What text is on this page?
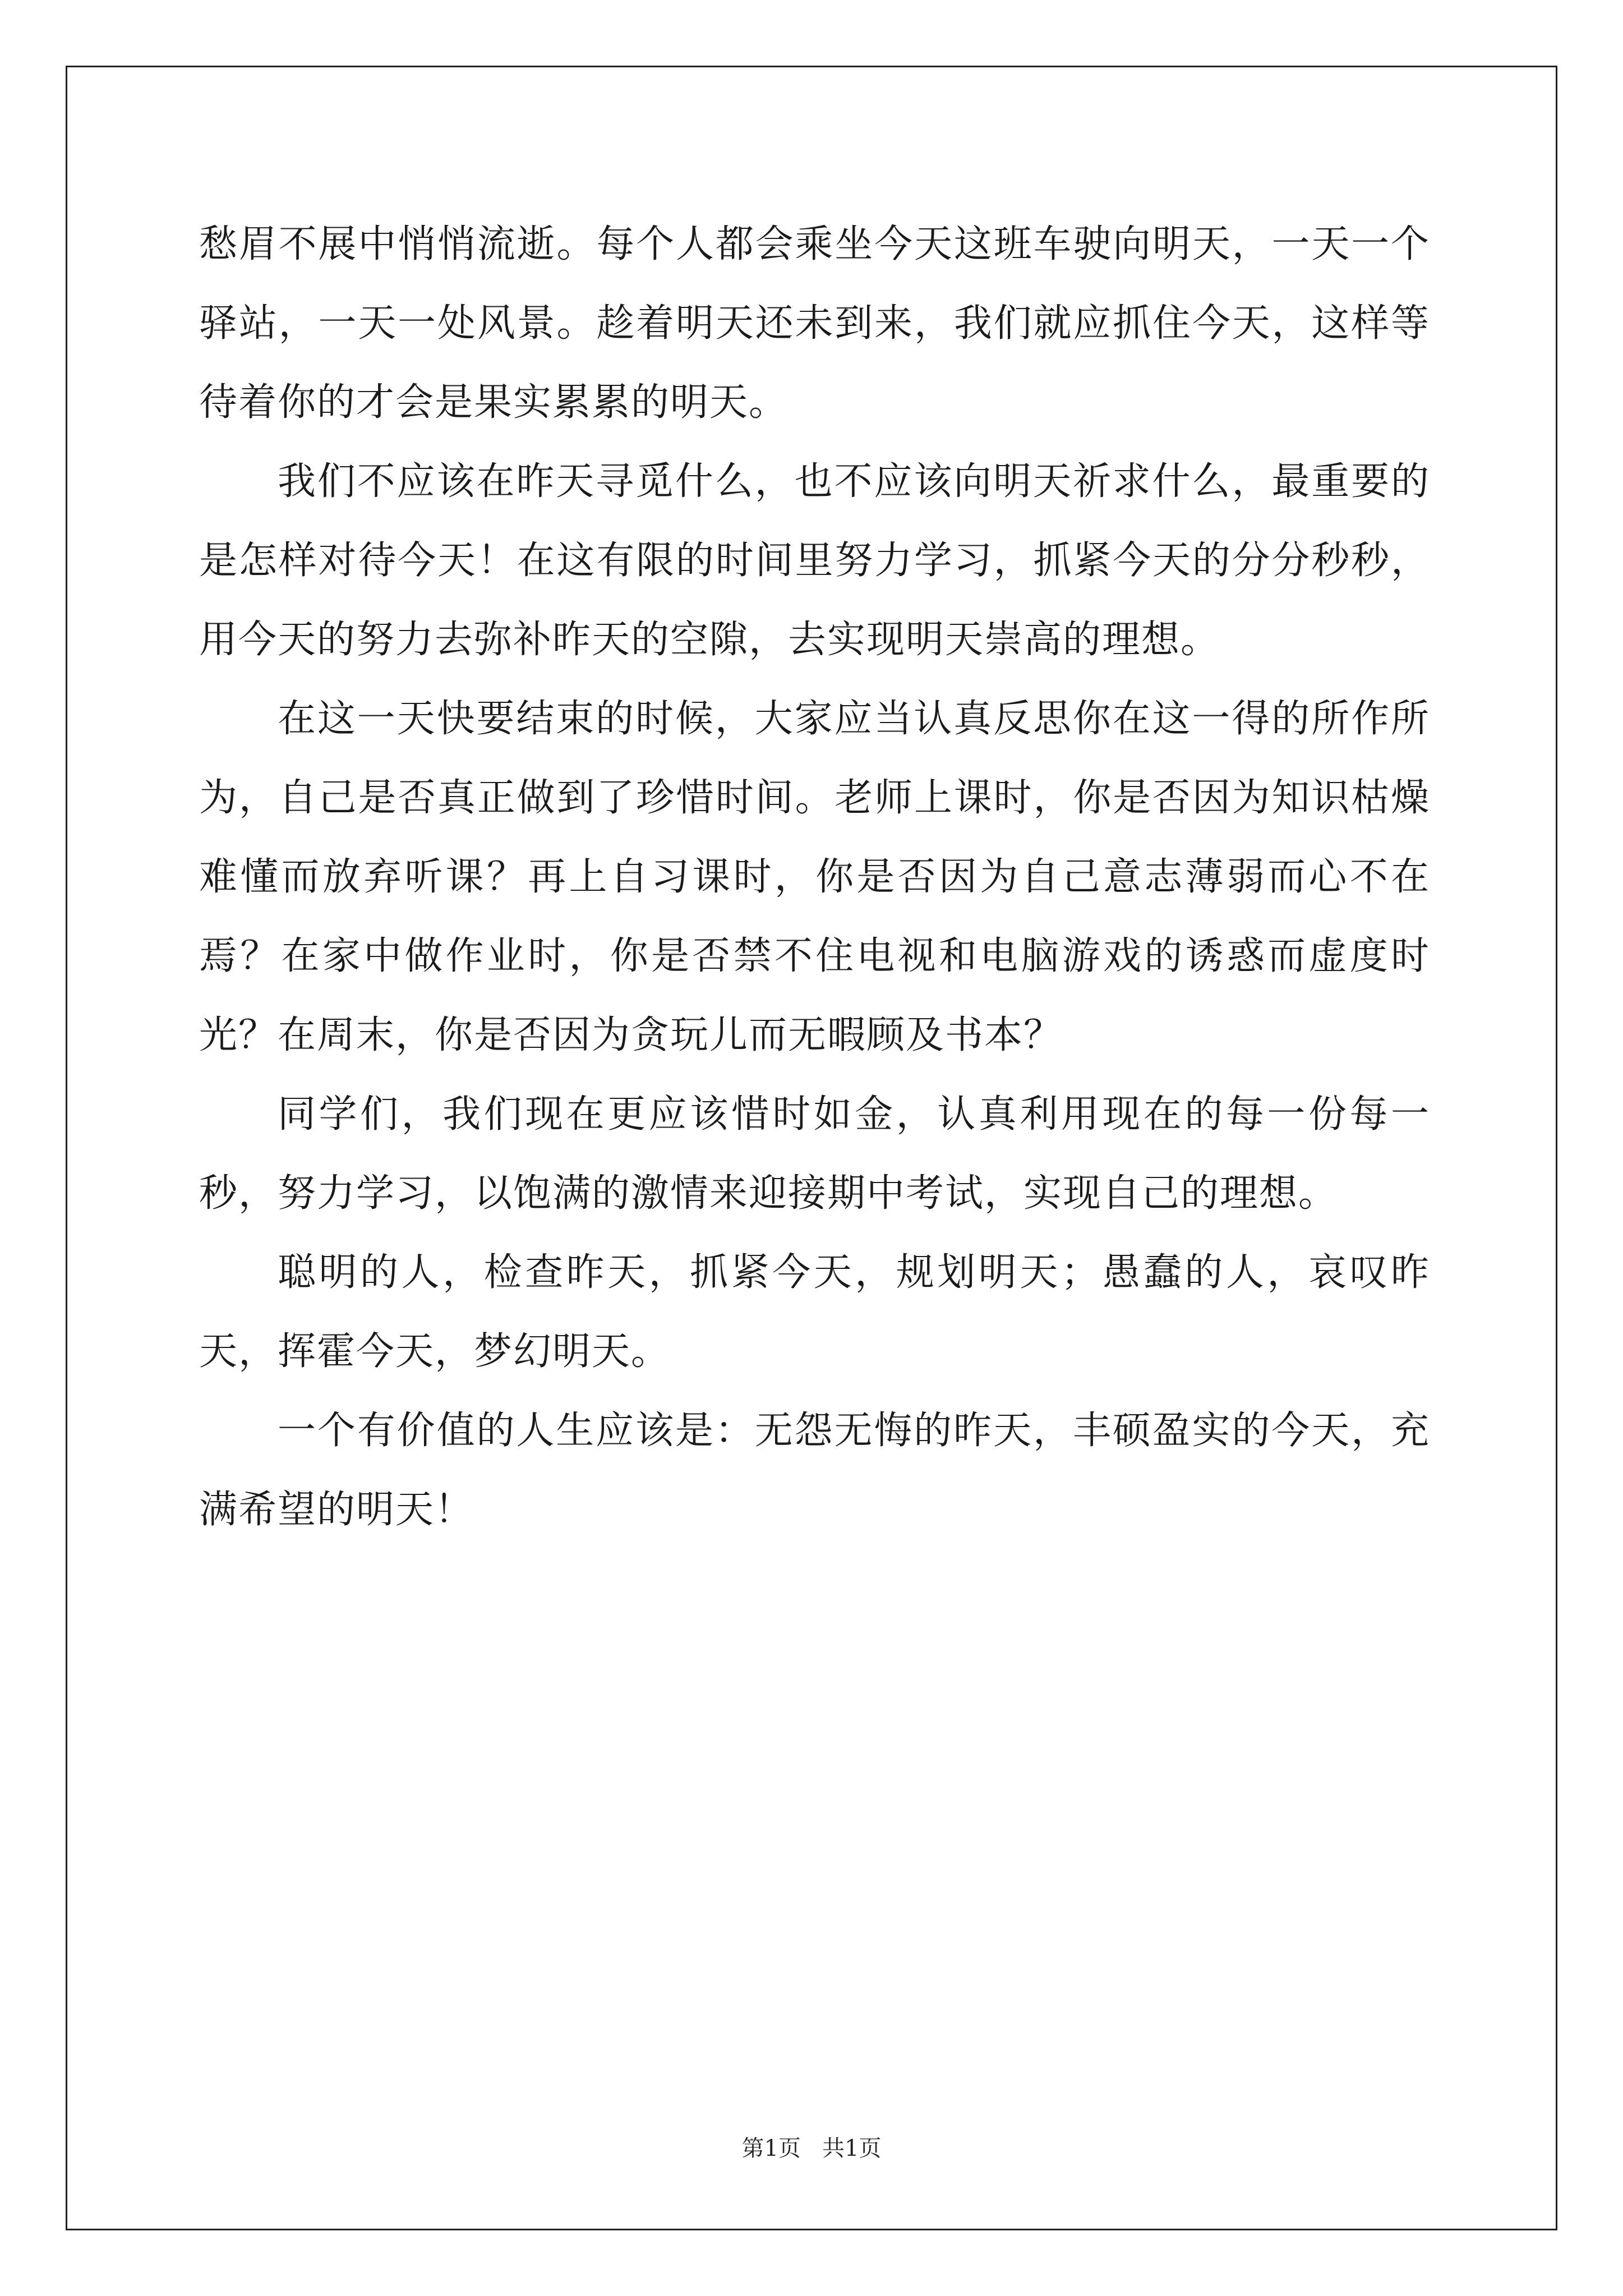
愁眉不展中悄悄流逝。每个人都会乘坐今天这班车驶向明天，一天一个驿站，一天一处风景。趁着明天还未到来，我们就应抓住今天，这样等待着你的才会是果实累累的明天。

我们不应该在昨天寻觅什么，也不应该向明天祈求什么，最重要的是怎样对待今天！在这有限的时间里努力学习，抓紧今天的分分秒秒，用今天的努力去弥补昨天的空隙，去实现明天崇高的理想。

在这一天快要结束的时候，大家应当认真反思你在这一得的所作所为，自己是否真正做到了珍惜时间。老师上课时，你是否因为知识枯燥难懂而放弃听课？再上自习课时，你是否因为自己意志薄弱而心不在焉？在家中做作业时，你是否禁不住电视和电脑游戏的诱惑而虚度时光？在周末，你是否因为贪玩儿而无暇顾及书本？

同学们，我们现在更应该惜时如金，认真利用现在的每一份每一秒，努力学习，以饱满的激情来迎接期中考试，实现自己的理想。

聪明的人，检查昨天，抓紧今天，规划明天；愚蠢的人，哀叹昨天，挥霍今天，梦幻明天。

一个有价值的人生应该是：无怨无悔的昨天，丰硕盈实的今天，充满希望的明天！

第1页   共1页
